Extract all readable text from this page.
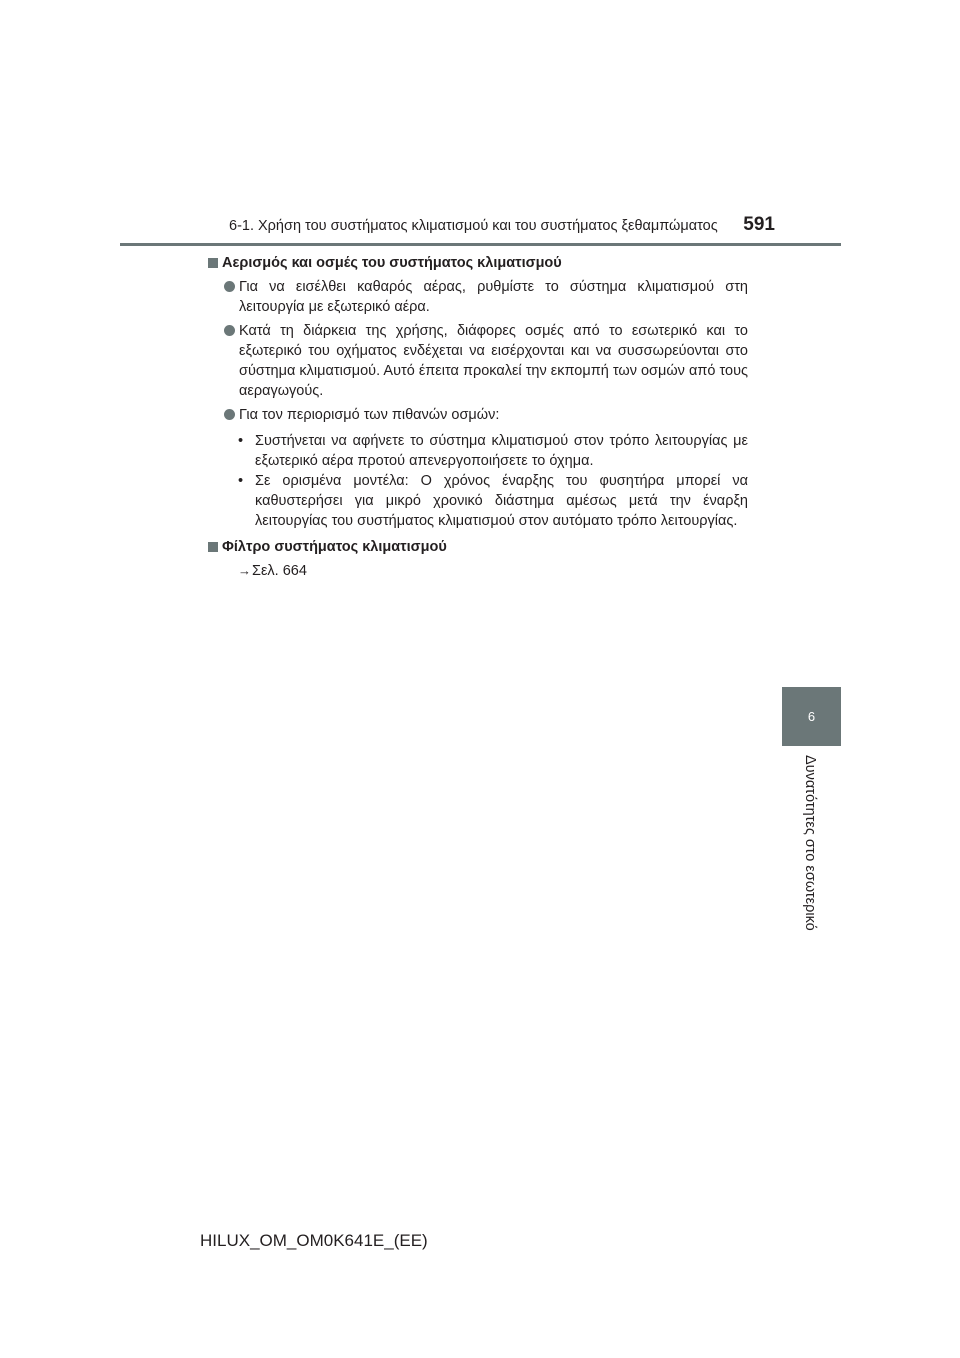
6-1. Χρήση του συστήματος κλιματισμού και του συστήματος ξεθαμπώματος	591
6
Δυνατότητες στο εσωτερικό
Αερισμός και οσμές του συστήματος κλιματισμού
Για να εισέλθει καθαρός αέρας, ρυθμίστε το σύστημα κλιματισμού στη λειτουργία με εξωτερικό αέρα.
Κατά τη διάρκεια της χρήσης, διάφορες οσμές από το εσωτερικό και το εξωτερικό του οχήματος ενδέχεται να εισέρχονται και να συσσωρεύονται στο σύστημα κλιματισμού. Αυτό έπειτα προκαλεί την εκπομπή των οσμών από τους αεραγωγούς.
Για τον περιορισμό των πιθανών οσμών:
• Συστήνεται να αφήνετε το σύστημα κλιματισμού στον τρόπο λειτουργίας με εξωτερικό αέρα προτού απενεργοποιήσετε το όχημα.
• Σε ορισμένα μοντέλα: Ο χρόνος έναρξης του φυσητήρα μπορεί να καθυστερήσει για μικρό χρονικό διάστημα αμέσως μετά την έναρξη λειτουργίας του συστήματος κλιματισμού στον αυτόματο τρόπο λειτουργίας.
Φίλτρο συστήματος κλιματισμού
→ Σελ. 664
HILUX_OM_OM0K641E_(EE)
